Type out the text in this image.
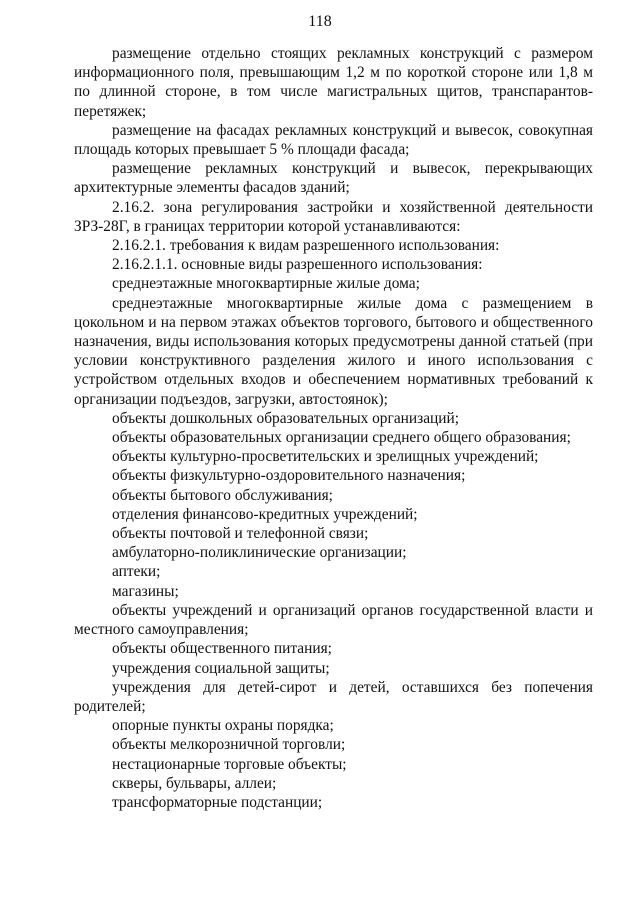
118

размещение отдельно стоящих рекламных конструкций с размером информационного поля, превышающим 1,2 м по короткой стороне или 1,8 м по длинной стороне, в том числе магистральных щитов, транспарантов-перетяжек;

размещение на фасадах рекламных конструкций и вывесок, совокупная площадь которых превышает 5 % площади фасада;

размещение рекламных конструкций и вывесок, перекрывающих архитектурные элементы фасадов зданий;

2.16.2. зона регулирования застройки и хозяйственной деятельности ЗРЗ-28Г, в границах территории которой устанавливаются:

2.16.2.1. требования к видам разрешенного использования:

2.16.2.1.1. основные виды разрешенного использования:

среднеэтажные многоквартирные жилые дома;

среднеэтажные многоквартирные жилые дома с размещением в цокольном и на первом этажах объектов торгового, бытового и общественного назначения, виды использования которых предусмотрены данной статьей (при условии конструктивного разделения жилого и иного использования с устройством отдельных входов и обеспечением нормативных требований к организации подъездов, загрузки, автостоянок);

объекты дошкольных образовательных организаций;

объекты образовательных организации среднего общего образования;

объекты культурно-просветительских и зрелищных учреждений;

объекты физкультурно-оздоровительного назначения;

объекты бытового обслуживания;

отделения финансово-кредитных учреждений;

объекты почтовой и телефонной связи;

амбулаторно-поликлинические организации;

аптеки;

магазины;

объекты учреждений и организаций органов государственной власти и местного самоуправления;

объекты общественного питания;

учреждения социальной защиты;

учреждения для детей-сирот и детей, оставшихся без попечения родителей;

опорные пункты охраны порядка;

объекты мелкорозничной торговли;

нестационарные торговые объекты;

скверы, бульвары, аллеи;

трансформаторные подстанции;
